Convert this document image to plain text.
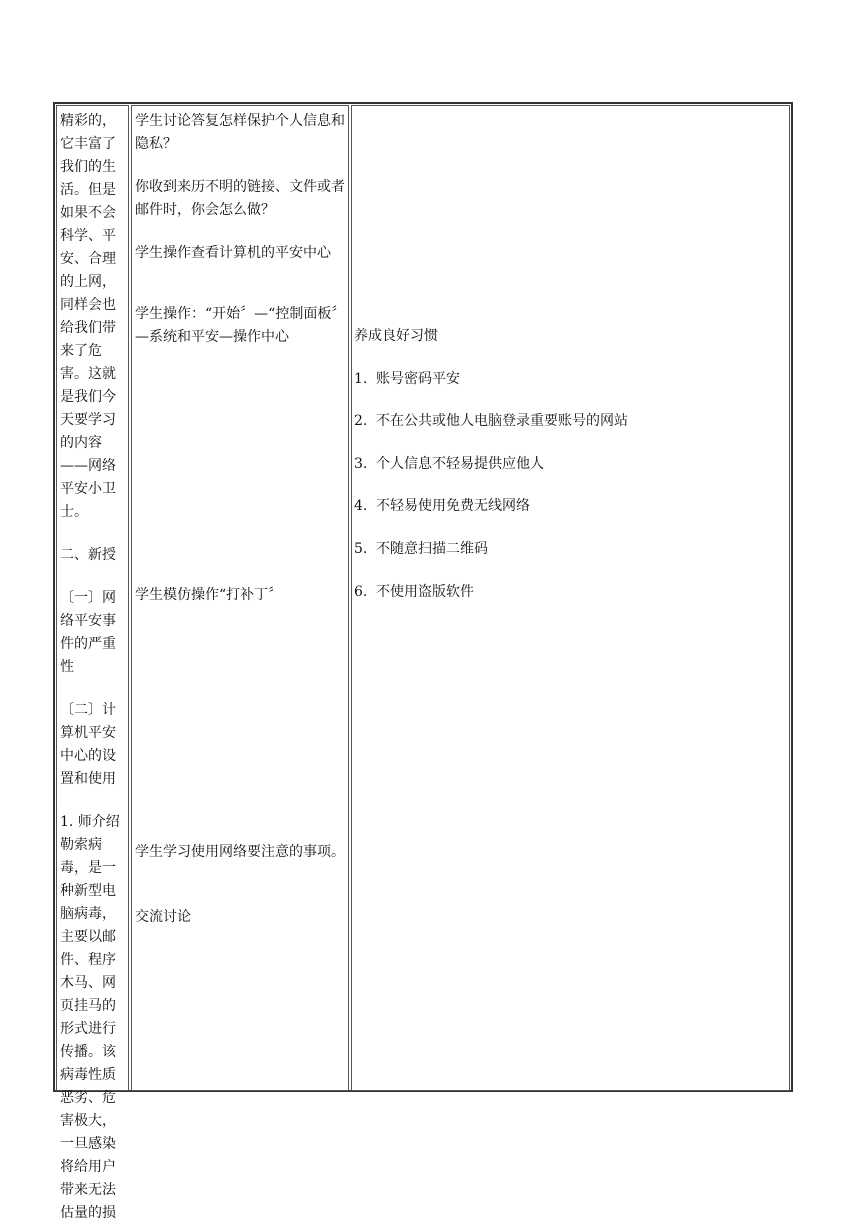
精彩的，它丰富了我们的生活。但是如果不会科学、平安、合理的上网，同样会也给我们带来了危害。这就是我们今天要学习的内容——网络平安小卫士。

二、新授

〔一〕网络平安事件的严重性

〔二〕计算机平安中心的设置和使用

1. 师介绍勒索病毒，是一种新型电脑病毒，主要以邮件、程序木马、网页挂马的形式进行传播。该病毒性质恶劣、危害极大，一旦感染将给用户带来无法估量的损

学生讨论答复怎样保护个人信息和隐私？

你收到来历不明的链接、文件或者邮件时，你会怎么做？

学生操作查看计算机的平安中心

学生操作：“开始〞—“控制面板〞—系统和平安—操作中心

学生模仿操作“打补丁〞

学生学习使用网络要注意的事项。

交流讨论

养成良好习惯

1. 账号密码平安
2. 不在公共或他人电脑登录重要账号的网站
3. 个人信息不轻易提供应他人
4. 不轻易使用免费无线网络
5. 不随意扫描二维码
6. 不使用盗版软件
